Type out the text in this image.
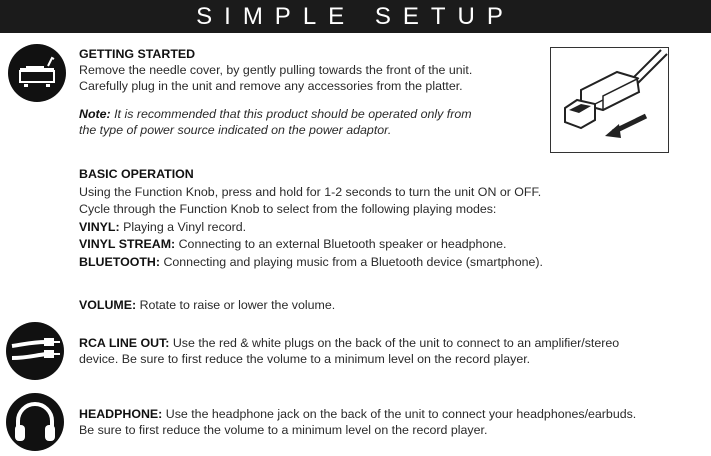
SIMPLE SETUP

GETTING STARTED

Remove the needle cover, by gently pulling towards the front of the unit.

Carefully plug in the unit and remove any accessories from the platter.

Note: It is recommended that this product should be operated only from

the type of power source indicated on the power adaptor.

BASIC OPERATION

Using the Function Knob, press and hold for 1-2 seconds to turn the unit ON or OFF.

Cycle through the Function Knob to select from the following playing modes:

VINYL: Playing a Vinyl record.

VINYL STREAM: Connecting to an external Bluetooth speaker or headphone.

BLUETOOTH: Connecting and playing music from a Bluetooth device (smartphone).

VOLUME: Rotate to raise or lower the volume.

RCA LINE OUT: Use the red & white plugs on the back of the unit to connect to an amplifier/stereo

device. Be sure to first reduce the volume to a minimum level on the record player.

HEADPHONE: Use the headphone jack on the back of the unit to connect your headphones/earbuds.

Be sure to first reduce the volume to a minimum level on the record player.
